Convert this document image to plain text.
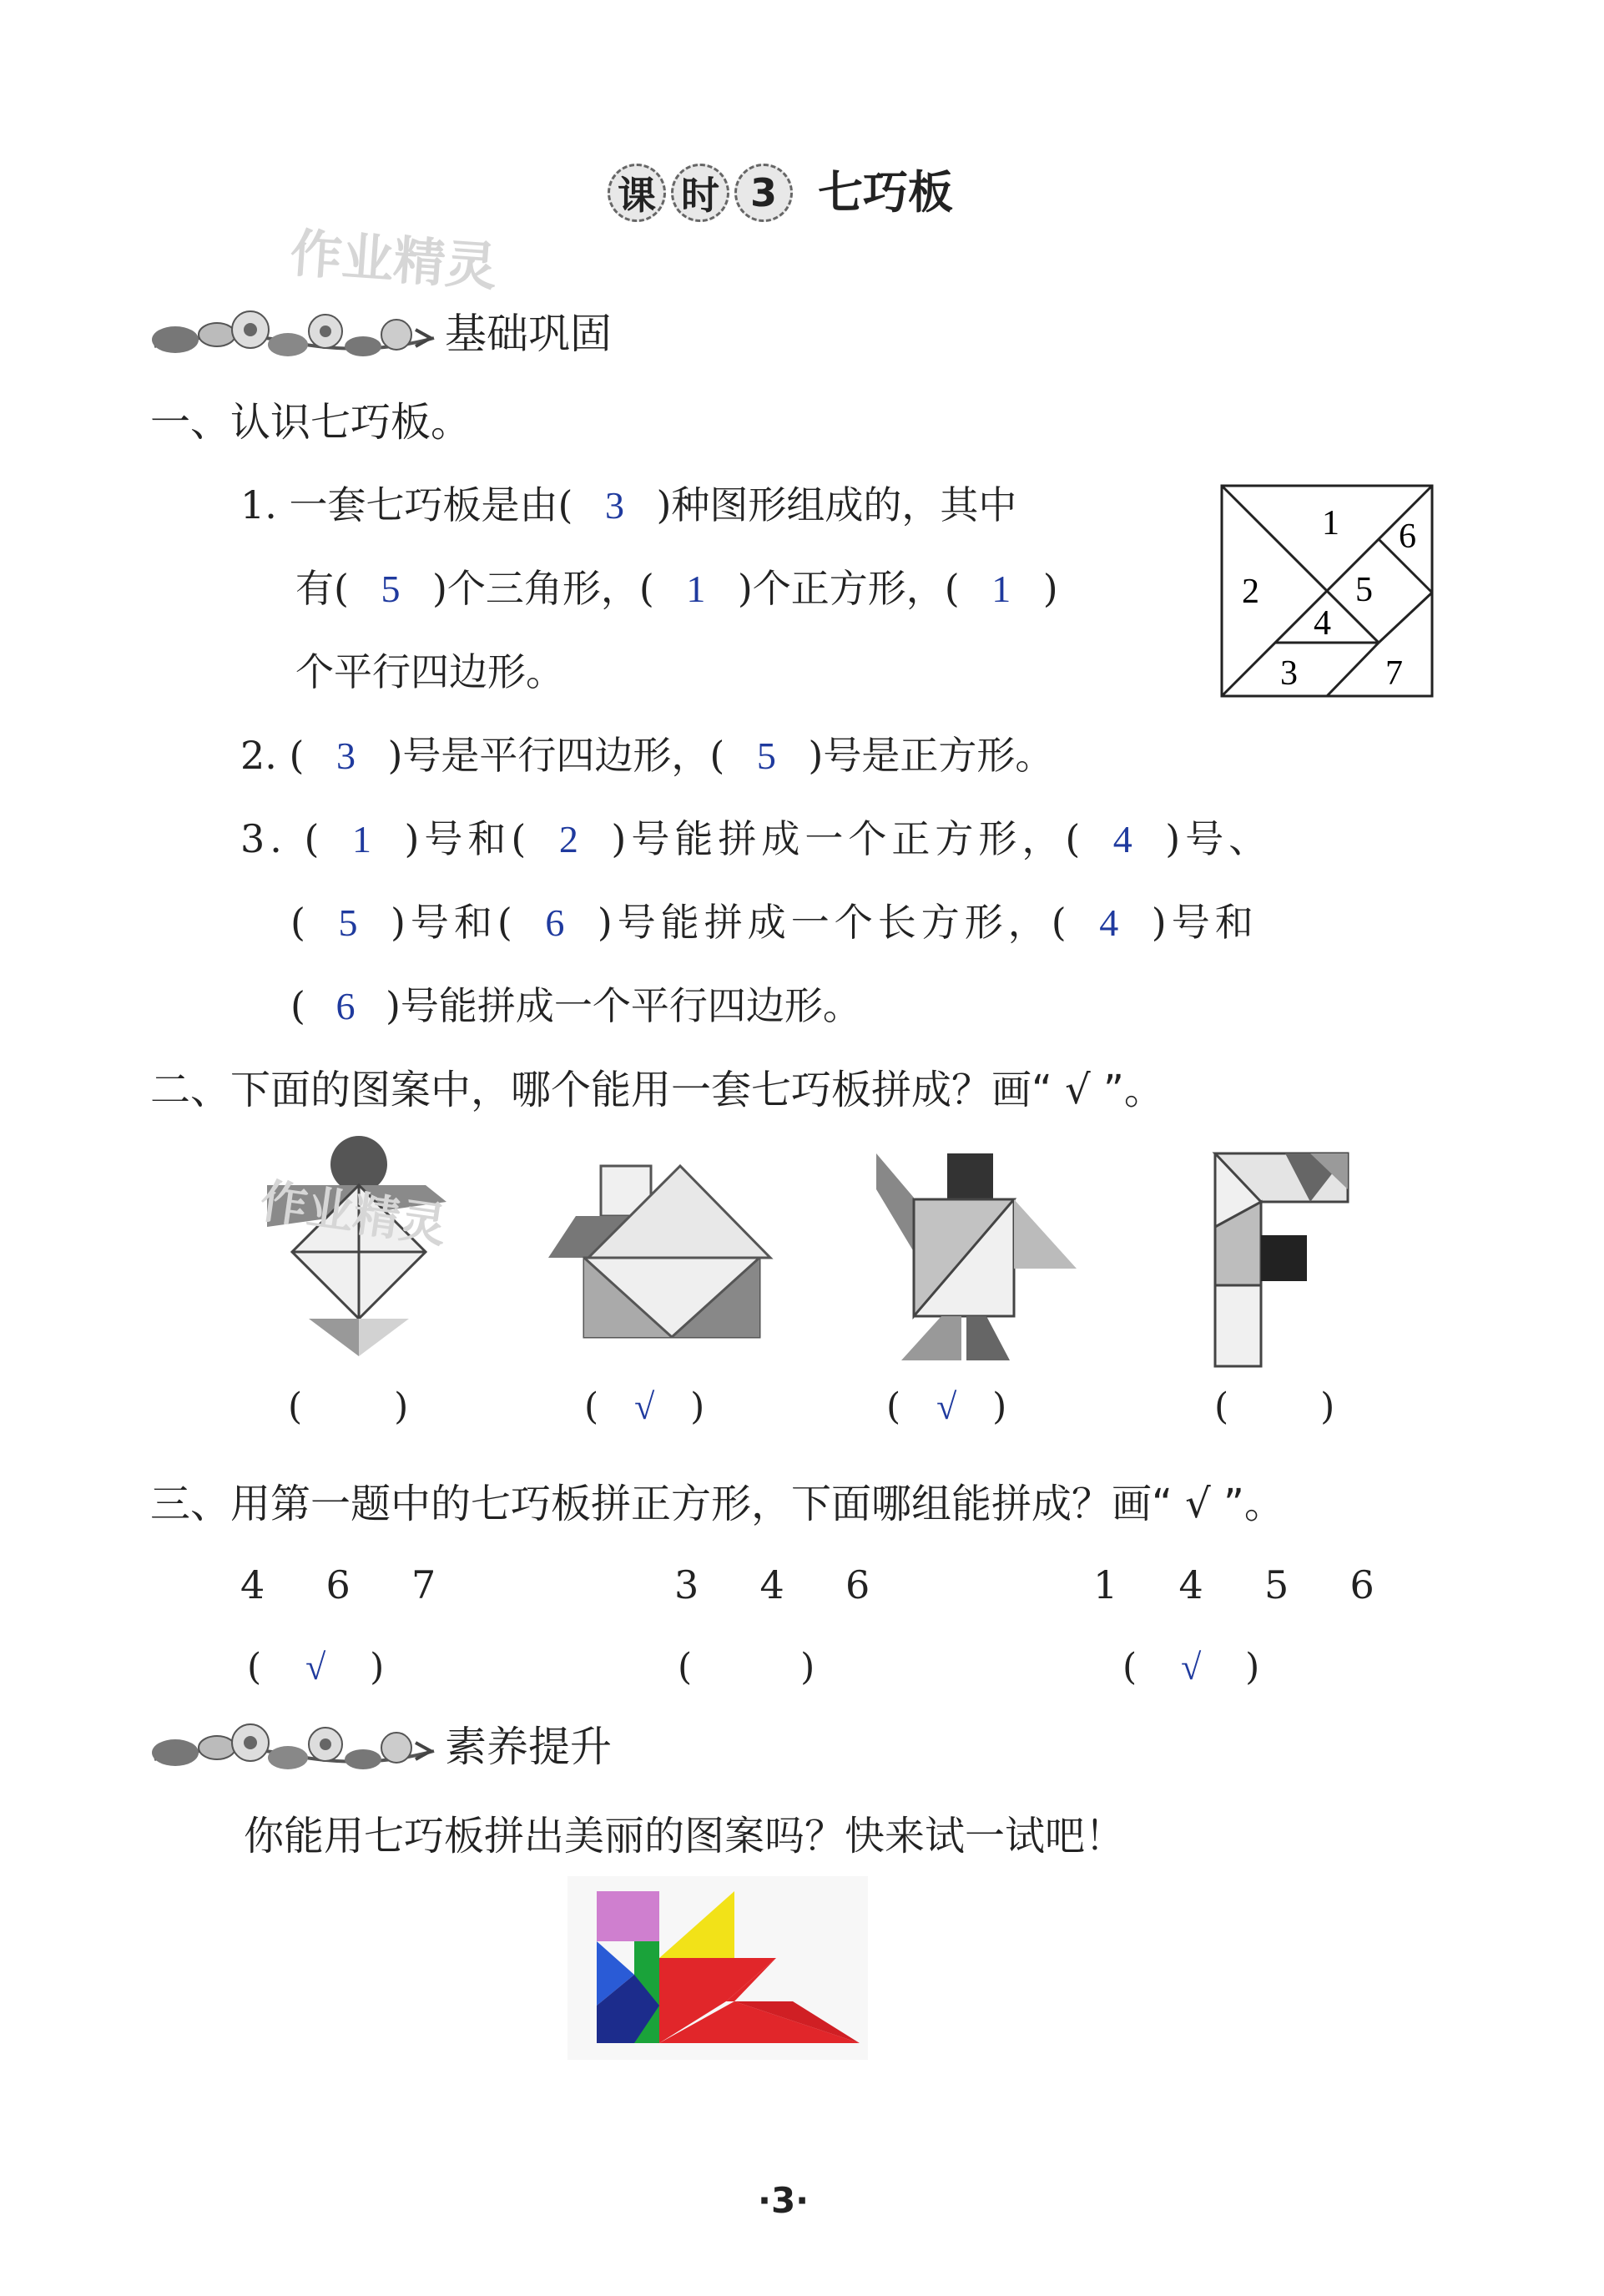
课 时 3 七巧板
作业精灵
基础巩固
一、认识七巧板。
1. 一套七巧板是由( 3 )种图形组成的，其中
有( 5 )个三角形，( 1 )个正方形，( 1 )
个平行四边形。
1
2
3
4
5
6
7
2. ( 3 )号是平行四边形，( 5 )号是正方形。
3. ( 1 )号和( 2 )号能拼成一个正方形，( 4 )号、
( 5 )号和( 6 )号能拼成一个长方形，( 4 )号和
( 6 )号能拼成一个平行四边形。
二、下面的图案中，哪个能用一套七巧板拼成？画“ √ ”。
作业精灵
(	)	( √ )	( √ )	(	)
三、用第一题中的七巧板拼正方形，下面哪组能拼成？画“ √ ”。
4  6  7	3  4  6	1  4  5  6
( √ )	(	)	( √ )
素养提升
你能用七巧板拼出美丽的图案吗？快来试一试吧！
·3·
